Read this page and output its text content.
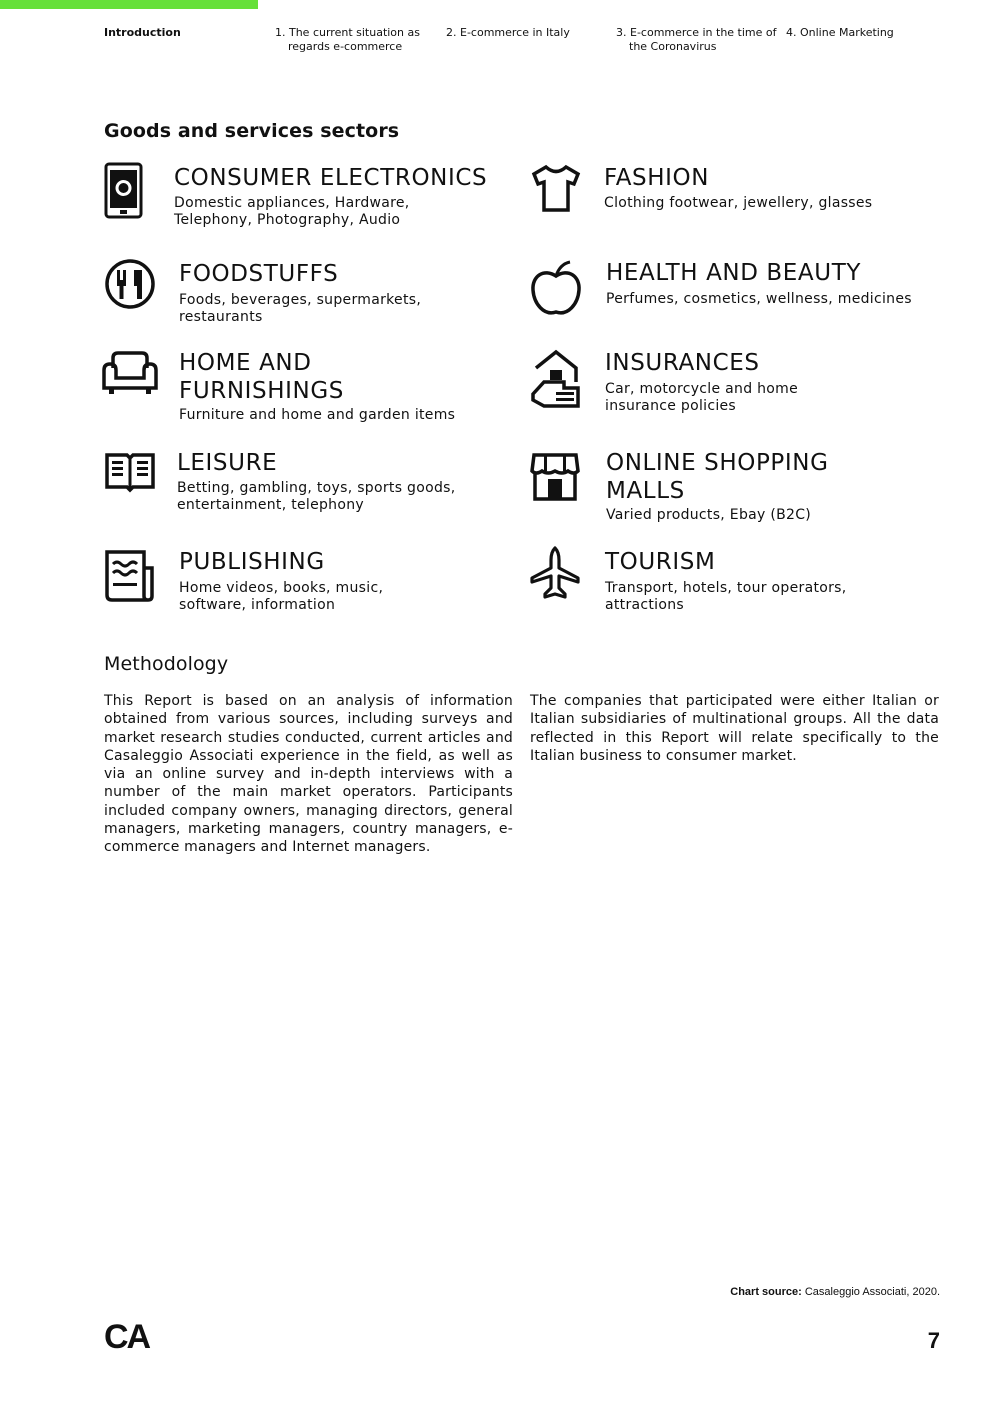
Introduction	1. The current situation as regards e-commerce
2. E-commerce in Italy	3. E-commerce in the time of the Coronavirus
4. Online Marketing
Goods and services sectors
CONSUMER ELECTRONICS

Domestic appliances, Hardware, Telephony, Photography, Audio

FASHION

Clothing footwear, jewellery, glasses

FOODSTUFFS

Foods, beverages, supermarkets, restaurants

HEALTH AND BEAUTY

Perfumes, cosmetics, wellness, medicines

HOME AND FURNISHINGS

Furniture and home and garden items

INSURANCES

Car, motorcycle and home insurance policies

LEISURE

Betting, gambling, toys, sports goods, entertainment, telephony

ONLINE SHOPPING MALLS

Varied products, Ebay (B2C)

PUBLISHING

Home videos, books, music, software, information

TOURISM

Transport, hotels, tour operators, attractions

Methodology

This Report is based on an analysis of information obtained from various sources, including surveys and market research studies conducted, current articles and Casaleggio Associati experience in the field, as well as via an online survey and in-depth interviews with a number of the main market operators. Participants included company owners, managing directors, general managers, marketing managers, country managers, e-commerce managers and Internet managers.

The companies that participated were either Italian or Italian subsidiaries of multinational groups. All the data reflected in this Report will relate specifically to the Italian business to consumer market.

Chart source: Casaleggio Associati, 2020.
CA	7
